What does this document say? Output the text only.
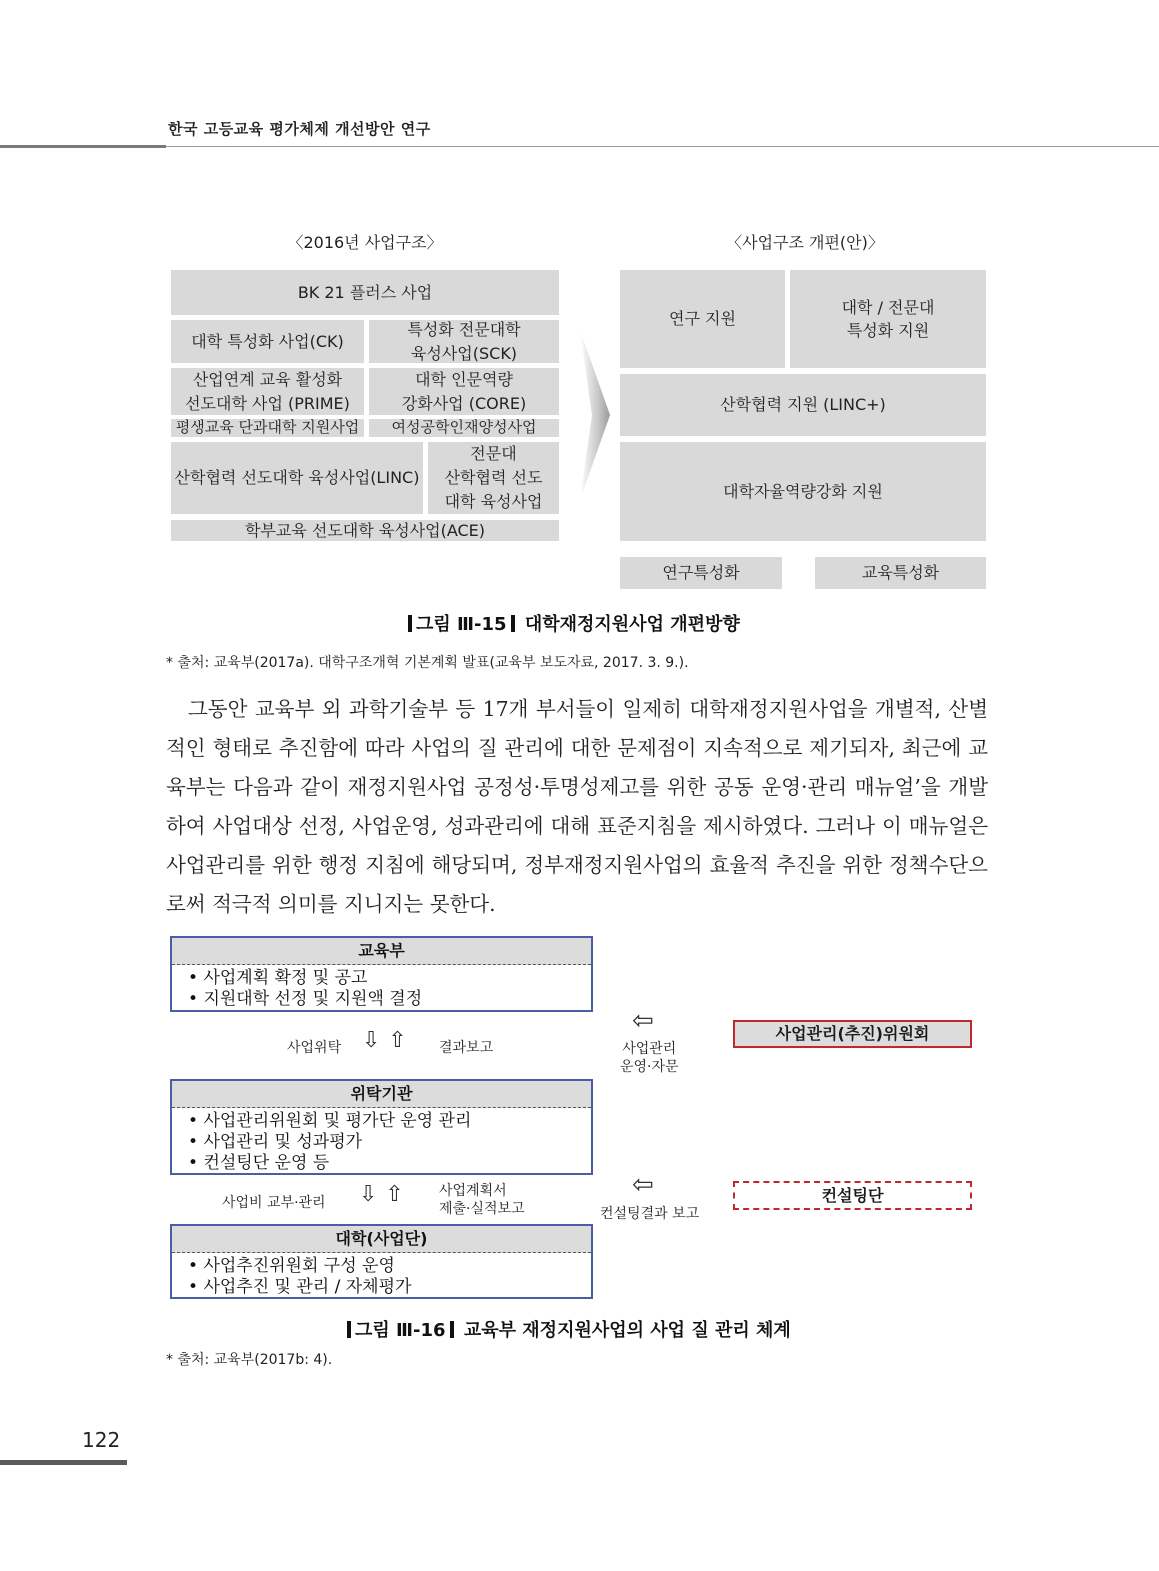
한국 고등교육 평가체제 개선방안 연구
〈2016년 사업구조〉	〈사업구조 개편(안)〉
BK 21 플러스 사업
대학 특성화 사업(CK)
특성화 전문대학
육성사업(SCK)
산업연계 교육 활성화
선도대학 사업 (PRIME)
대학 인문역량
강화사업 (CORE)
평생교육 단과대학 지원사업	여성공학인재양성사업
산학협력 선도대학 육성사업(LINC)
전문대
산학협력 선도
대학 육성사업
학부교육 선도대학 육성사업(ACE)
연구 지원
대학 / 전문대
특성화 지원
산학협력 지원 (LINC+)
대학자율역량강화 지원
연구특성화	교육특성화
그림 Ⅲ-15 대학재정지원사업 개편방향
* 출처: 교육부(2017a). 대학구조개혁 기본계획 발표(교육부 보도자료, 2017. 3. 9.).

그동안 교육부 외 과학기술부 등 17개 부서들이 일제히 대학재정지원사업을 개별적, 산별적인 형태로 추진함에 따라 사업의 질 관리에 대한 문제점이 지속적으로 제기되자, 최근에 교육부는 다음과 같이 재정지원사업 공정성·투명성제고를 위한 공동 운영·관리 매뉴얼’을 개발하여 사업대상 선정, 사업운영, 성과관리에 대해 표준지침을 제시하였다. 그러나 이 매뉴얼은 사업관리를 위한 행정 지침에 해당되며, 정부재정지원사업의 효율적 추진을 위한 정책수단으로써 적극적 의미를 지니지는 못한다.

교육부
• 사업계획 확정 및 공고
• 지원대학 선정 및 지원액 결정
사업위탁 ⇩⇧ 결과보고
⇦
사업관리
운영·자문
사업관리(추진)위원회
위탁기관
• 사업관리위원회 및 평가단 운영 관리
• 사업관리 및 성과평가
• 컨설팅단 운영 등
사업비 교부·관리 ⇩⇧ 사업계획서
제출·실적보고
⇦
컨설팅결과 보고
컨설팅단
대학(사업단)
• 사업추진위원회 구성 운영
• 사업추진 및 관리 / 자체평가
그림 Ⅲ-16 교육부 재정지원사업의 사업 질 관리 체계
* 출처: 교육부(2017b: 4).
122
